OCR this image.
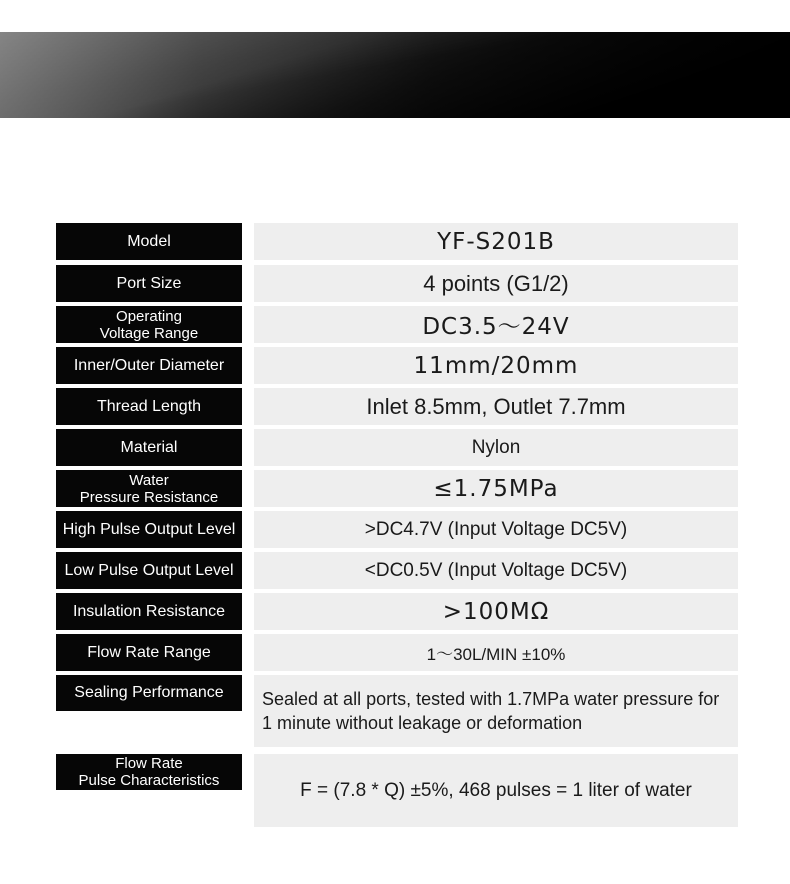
Model	YF-S201B
Port Size	4 points (G1/2)
Operating
Voltage Range	DC3.5～24V
Inner/Outer Diameter	11mm/20mm
Thread Length	Inlet 8.5mm, Outlet 7.7mm
Material	Nylon
Water
Pressure Resistance	≤1.75MPa
High Pulse Output Level	>DC4.7V (Input Voltage DC5V)
Low Pulse Output Level	<DC0.5V (Input Voltage DC5V)
Insulation Resistance	>100MΩ
Flow Rate Range	1～30L/MIN ±10%
Sealing Performance	Sealed at all ports, tested with 1.7MPa water pressure for 1 minute without leakage or deformation
Flow Rate
Pulse Characteristics	F = (7.8 * Q) ±5%, 468 pulses = 1 liter of water
